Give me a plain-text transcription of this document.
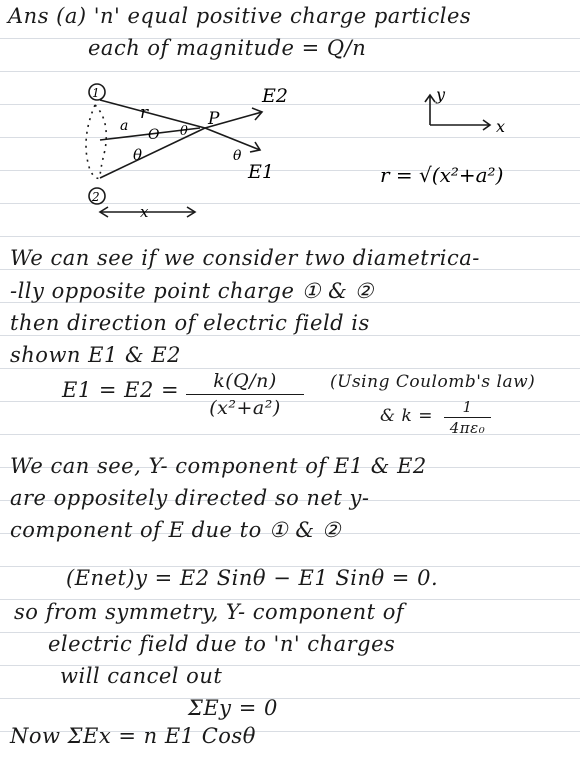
Ans (a) 'n' equal positive charge particles
each of magnitude = Q/n
1
2
r
a
O
θ
θ
P
θ
E2
E1
x
y
x
r = √(x²+a²)
We can see if we consider two diametrica-
-lly opposite point charge ① & ②
then direction of electric field is
shown E1 & E2
E1 = E2 =	k(Q/n)
(x²+a²)
(Using Coulomb's law)
& k =	1
4πε₀
We can see, Y- component of E1 & E2
are oppositely directed so net y-
component of E due to ① & ②
(Enet)y = E2 Sinθ − E1 Sinθ = 0.
so from symmetry, Y- component of
electric field due to 'n' charges
will cancel out
ΣEy = 0
Now ΣEx = n E1 Cosθ
